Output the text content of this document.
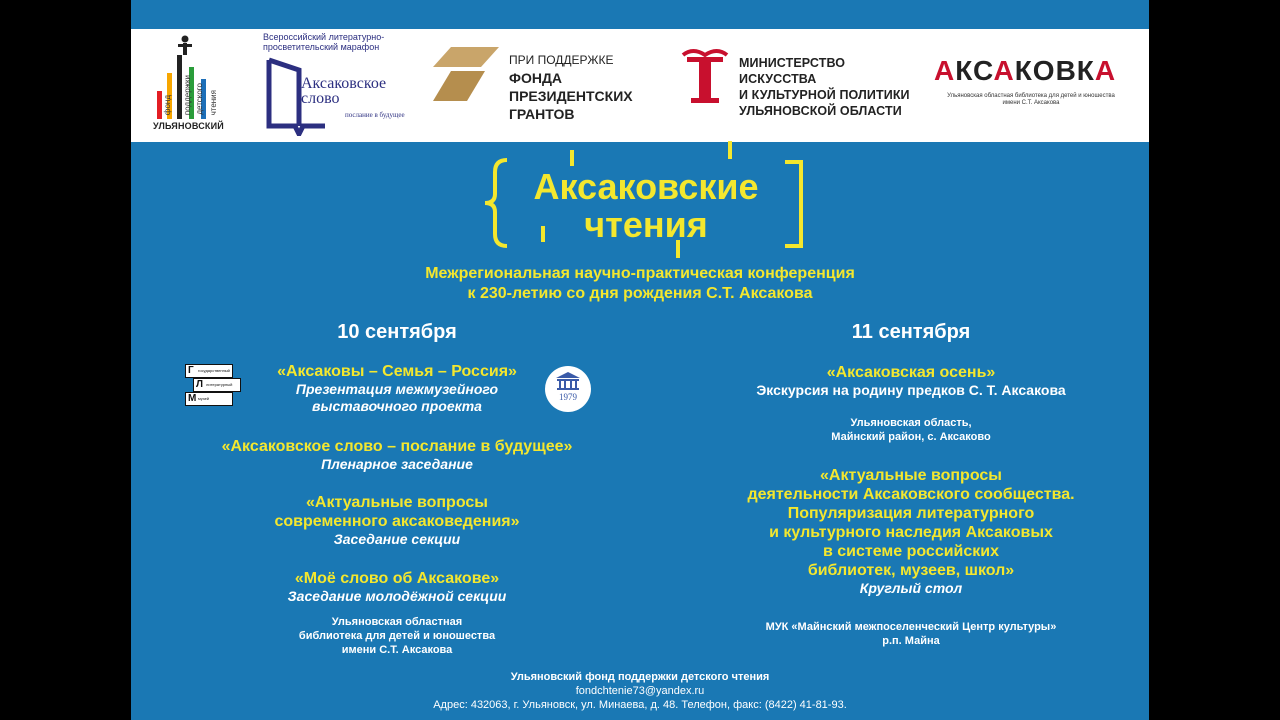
фонд поддержки детского чтения
УЛЬЯНОВСКИЙ
Всероссийский литературно-
просветительский марафон
Аксаковское
слово
послание в будущее
ПРИ ПОДДЕРЖКЕ
ФОНДА
ПРЕЗИДЕНТСКИХ
ГРАНТОВ
МИНИСТЕРСТВО ИСКУССТВА
И КУЛЬТУРНОЙ ПОЛИТИКИ
УЛЬЯНОВСКОЙ ОБЛАСТИ
АКСАКОВКА
Ульяновская областная библиотека для детей и юношества
имени С.Т. Аксакова
Аксаковские
чтения
Межрегиональная научно-практическая конференция
к 230-летию со дня рождения С.Т. Аксакова
10 сентября
Г государственный
Л литературный
М музей	1979
«Аксаковы – Семья – Россия»
Презентация межмузейного
выставочного проекта
«Аксаковское слово – послание в будущее»
Пленарное заседание
«Актуальные вопросы
современного аксаковедения»
Заседание секции
«Моё слово об Аксакове»
Заседание молодёжной секции
Ульяновская областная
библиотека для детей и юношества
имени С.Т. Аксакова
11 сентября
«Аксаковская осень»
Экскурсия на родину предков С. Т. Аксакова
Ульяновская область,
Майнский район, с. Аксаково
«Актуальные вопросы
деятельности Аксаковского сообщества.
Популяризация литературного
и культурного наследия Аксаковых
в системе российских
библиотек, музеев, школ»
Круглый стол
МУК «Майнский межпоселенческий Центр культуры»
р.п. Майна
Ульяновский фонд поддержки детского чтения
fondchtenie73@yandex.ru
Адрес: 432063, г. Ульяновск, ул. Минаева, д. 48. Телефон, факс: (8422) 41-81-93.
